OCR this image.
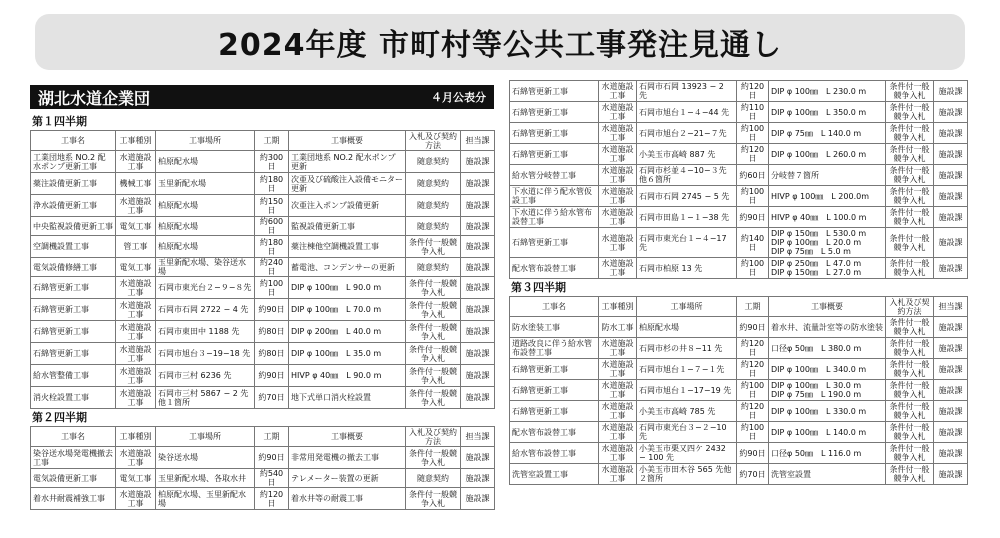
2024年度 市町村等公共工事発注見通し
湖北水道企業団	４月公表分
第１四半期
工事名	工事種別	工事場所	工期	工事概要	入札及び契約方法	担当課
工業団地系 NO.2 配水ポンプ更新工事	水道施設工事	柏原配水場	約300日	工業団地系 NO.2 配水ポンプ更新	随意契約	施設課
薬注設備更新工事	機械工事	玉里新配水場	約180日	次亜及び硫酸注入設備モニター更新	随意契約	施設課
浄水設備更新工事	水道施設工事	柏原配水場	約150日	次亜注入ポンプ設備更新	随意契約	施設課
中央監視設備更新工事	電気工事	柏原配水場	約600日	監視設備更新工事	随意契約	施設課
空調機設置工事	管工事	柏原配水場	約180日	薬注棟他空調機設置工事	条件付一般競争入札	施設課
電気設備修繕工事	電気工事	玉里新配水場、染谷送水場	約240日	蓄電池、コンデンサーの更新	随意契約	施設課
石綿管更新工事	水道施設工事	石岡市東光台２−９−８先	約100日	DIP φ 100㎜　L 90.0 m	条件付一般競争入札	施設課
石綿管更新工事	水道施設工事	石岡市石岡 2722 − 4 先	約90日	DIP φ 100㎜　L 70.0 m	条件付一般競争入札	施設課
石綿管更新工事	水道施設工事	石岡市東田中 1188 先	約80日	DIP φ 200㎜　L 40.0 m	条件付一般競争入札	施設課
石綿管更新工事	水道施設工事	石岡市旭台３−19−18 先	約80日	DIP φ 100㎜　L 35.0 m	条件付一般競争入札	施設課
給水管整備工事	水道施設工事	石岡市三村 6236 先	約90日	HIVP φ 40㎜　L 90.0 m	条件付一般競争入札	施設課
消火栓設置工事	水道施設工事	石岡市三村 5867 − 2 先他１箇所	約70日	地下式単口消火栓設置	条件付一般競争入札	施設課
第２四半期
工事名	工事種別	工事場所	工期	工事概要	入札及び契約方法	担当課
染谷送水場発電機撤去工事	水道施設工事	染谷送水場	約90日	非常用発電機の撤去工事	条件付一般競争入札	施設課
電気設備更新工事	電気工事	玉里新配水場、各取水井	約540日	テレメーター装置の更新	随意契約	施設課
着水井耐震補強工事	水道施設工事	柏原配水場、玉里新配水場	約120日	着水井等の耐震工事	条件付一般競争入札	施設課
石綿管更新工事	水道施設工事	石岡市石岡 13923 − 2 先	約120日	DIP φ 100㎜　L 230.0 m	条件付一般競争入札	施設課
石綿管更新工事	水道施設工事	石岡市旭台１−４−44 先	約110日	DIP φ 100㎜　L 350.0 m	条件付一般競争入札	施設課
石綿管更新工事	水道施設工事	石岡市旭台２−21−７先	約100日	DIP φ 75㎜　L 140.0 m	条件付一般競争入札	施設課
石綿管更新工事	水道施設工事	小美玉市高崎 887 先	約120日	DIP φ 100㎜　L 260.0 m	条件付一般競争入札	施設課
給水管分岐替工事	水道施設工事	石岡市杉並４−10−３先他６箇所	約60日	分岐替７箇所	条件付一般競争入札	施設課
下水道に伴う配水管仮設工事	水道施設工事	石岡市石岡 2745 − 5 先	約100日	HIVP φ 100㎜　L 200.0m	条件付一般競争入札	施設課
下水道に伴う給水管布設替工事	水道施設工事	石岡市田島１−１−38 先	約90日	HIVP φ 40㎜　L 100.0 m	条件付一般競争入札	施設課
石綿管更新工事	水道施設工事	石岡市東光台１−４−17 先	約140日	DIP φ 150㎜　L 530.0 m
DIP φ 100㎜　L 20.0 m
DIP φ 75㎜　L 5.0 m	条件付一般競争入札	施設課
配水管布設替工事	水道施設工事	石岡市柏原 13 先	約100日	DIP φ 250㎜　L 47.0 m
DIP φ 150㎜　L 27.0 m	条件付一般競争入札	施設課
第３四半期
工事名	工事種別	工事場所	工期	工事概要	入札及び契約方法	担当課
防水塗装工事	防水工事	柏原配水場	約90日	着水井、流量計室等の防水塗装	条件付一般競争入札	施設課
道路改良に伴う給水管布設替工事	水道施設工事	石岡市杉の井８−11 先	約120日	口径φ 50㎜　L 380.0 m	条件付一般競争入札	施設課
石綿管更新工事	水道施設工事	石岡市旭台１−７−１先	約120日	DIP φ 100㎜　L 340.0 m	条件付一般競争入札	施設課
石綿管更新工事	水道施設工事	石岡市旭台１−17−19 先	約100日	DIP φ 100㎜　L 30.0 m
DIP φ 75㎜　L 190.0 m	条件付一般競争入札	施設課
石綿管更新工事	水道施設工事	小美玉市高崎 785 先	約120日	DIP φ 100㎜　L 330.0 m	条件付一般競争入札	施設課
配水管布設替工事	水道施設工事	石岡市東光台３−２−10 先	約100日	DIP φ 100㎜　L 140.0 m	条件付一般競争入札	施設課
給水管布設替工事	水道施設工事	小美玉市栗又四ケ 2432 − 100 先	約90日	口径φ 50㎜　L 116.0 m	条件付一般競争入札	施設課
洗管室設置工事	水道施設工事	小美玉市田木谷 565 先他２箇所	約70日	洗管室設置	条件付一般競争入札	施設課
